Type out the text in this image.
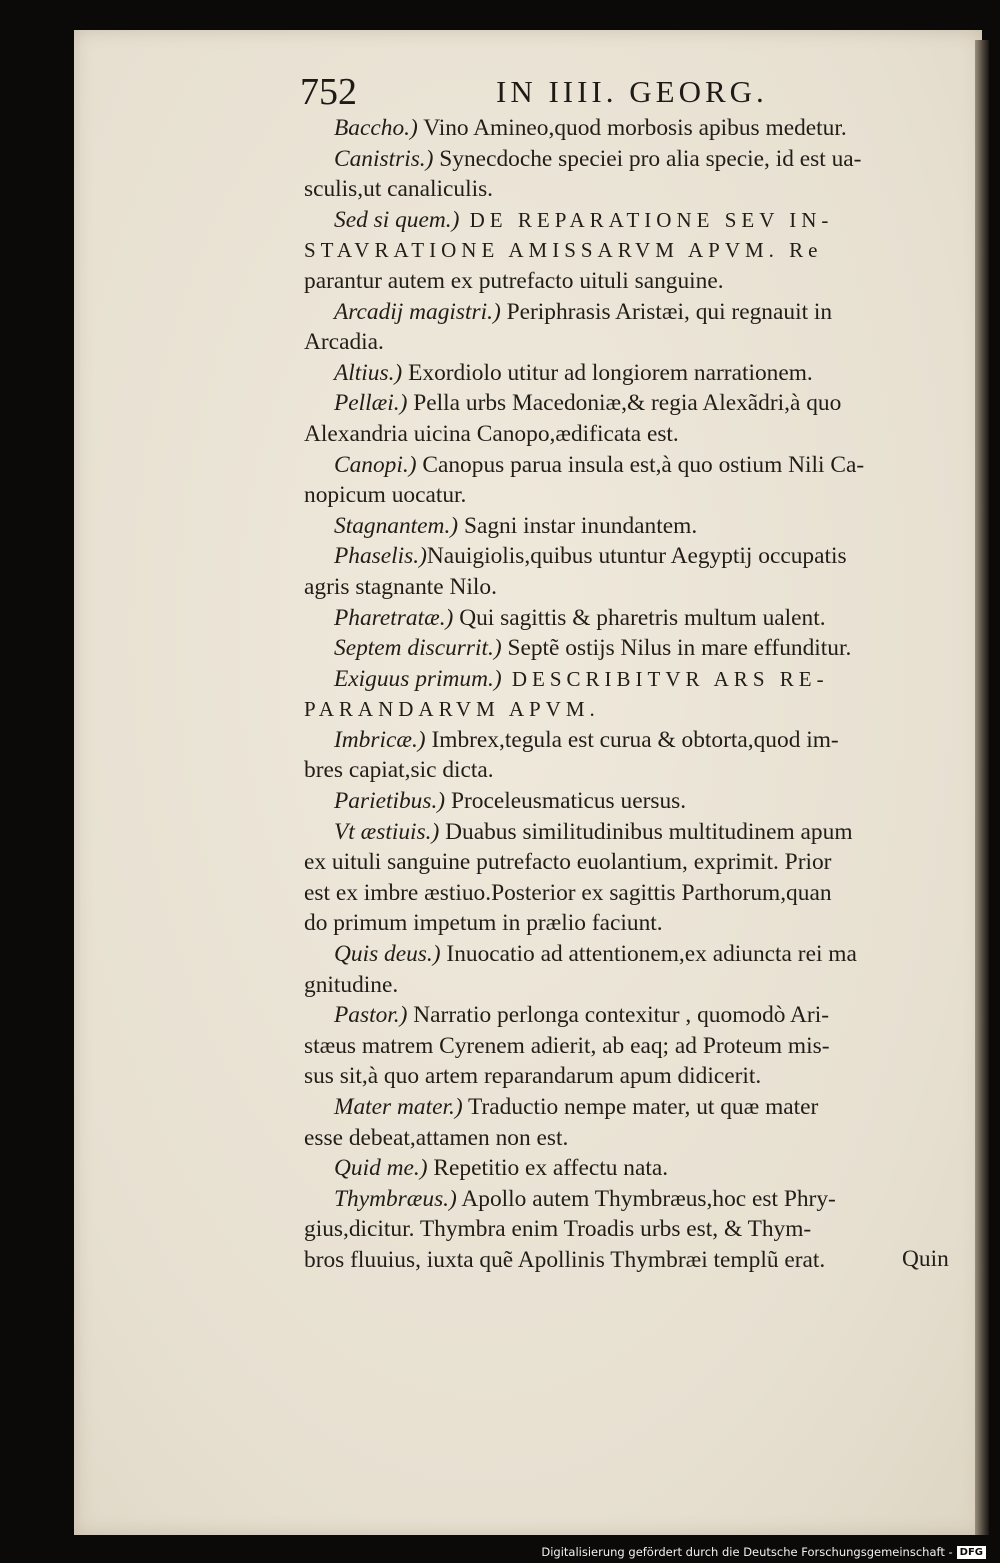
752	IN IIII. GEORG.
Baccho.) Vino Amineo,quod morbosis apibus medetur.
Canistris.) Synecdoche speciei pro alia specie, id est ua-
sculis,ut canaliculis.
Sed si quem.) DE REPARATIONE SEV IN-
STAVRATIONE AMISSARVM APVM. Re
parantur autem ex putrefacto uituli sanguine.
Arcadij magistri.) Periphrasis Aristæi, qui regnauit in
Arcadia.
Altius.) Exordiolo utitur ad longiorem narrationem.
Pellæi.) Pella urbs Macedoniæ,& regia Alexãdri,à quo
Alexandria uicina Canopo,ædificata est.
Canopi.) Canopus parua insula est,à quo ostium Nili Ca-
nopicum uocatur.
Stagnantem.) Sagni instar inundantem.
Phaselis.)Nauigiolis,quibus utuntur Aegyptij occupatis
agris stagnante Nilo.
Pharetratæ.) Qui sagittis & pharetris multum ualent.
Septem discurrit.) Septẽ ostijs Nilus in mare effunditur.
Exiguus primum.) DESCRIBITVR ARS RE-
PARANDARVM APVM.
Imbricæ.) Imbrex,tegula est curua & obtorta,quod im-
bres capiat,sic dicta.
Parietibus.) Proceleusmaticus uersus.
Vt æstiuis.) Duabus similitudinibus multitudinem apum
ex uituli sanguine putrefacto euolantium, exprimit. Prior
est ex imbre æstiuo.Posterior ex sagittis Parthorum,quan
do primum impetum in prælio faciunt.
Quis deus.) Inuocatio ad attentionem,ex adiuncta rei ma
gnitudine.
Pastor.) Narratio perlonga contexitur , quomodò Ari-
stæus matrem Cyrenem adierit, ab eaq; ad Proteum mis-
sus sit,à quo artem reparandarum apum didicerit.
Mater mater.) Traductio nempe mater, ut quæ mater
esse debeat,attamen non est.
Quid me.) Repetitio ex affectu nata.
Thymbræus.) Apollo autem Thymbræus,hoc est Phry-
gius,dicitur. Thymbra enim Troadis urbs est, & Thym-
bros fluuius, iuxta quẽ Apollinis Thymbræi templũ erat.	Quin
Digitalisierung gefördert durch die Deutsche Forschungsgemeinschaft - DFG
